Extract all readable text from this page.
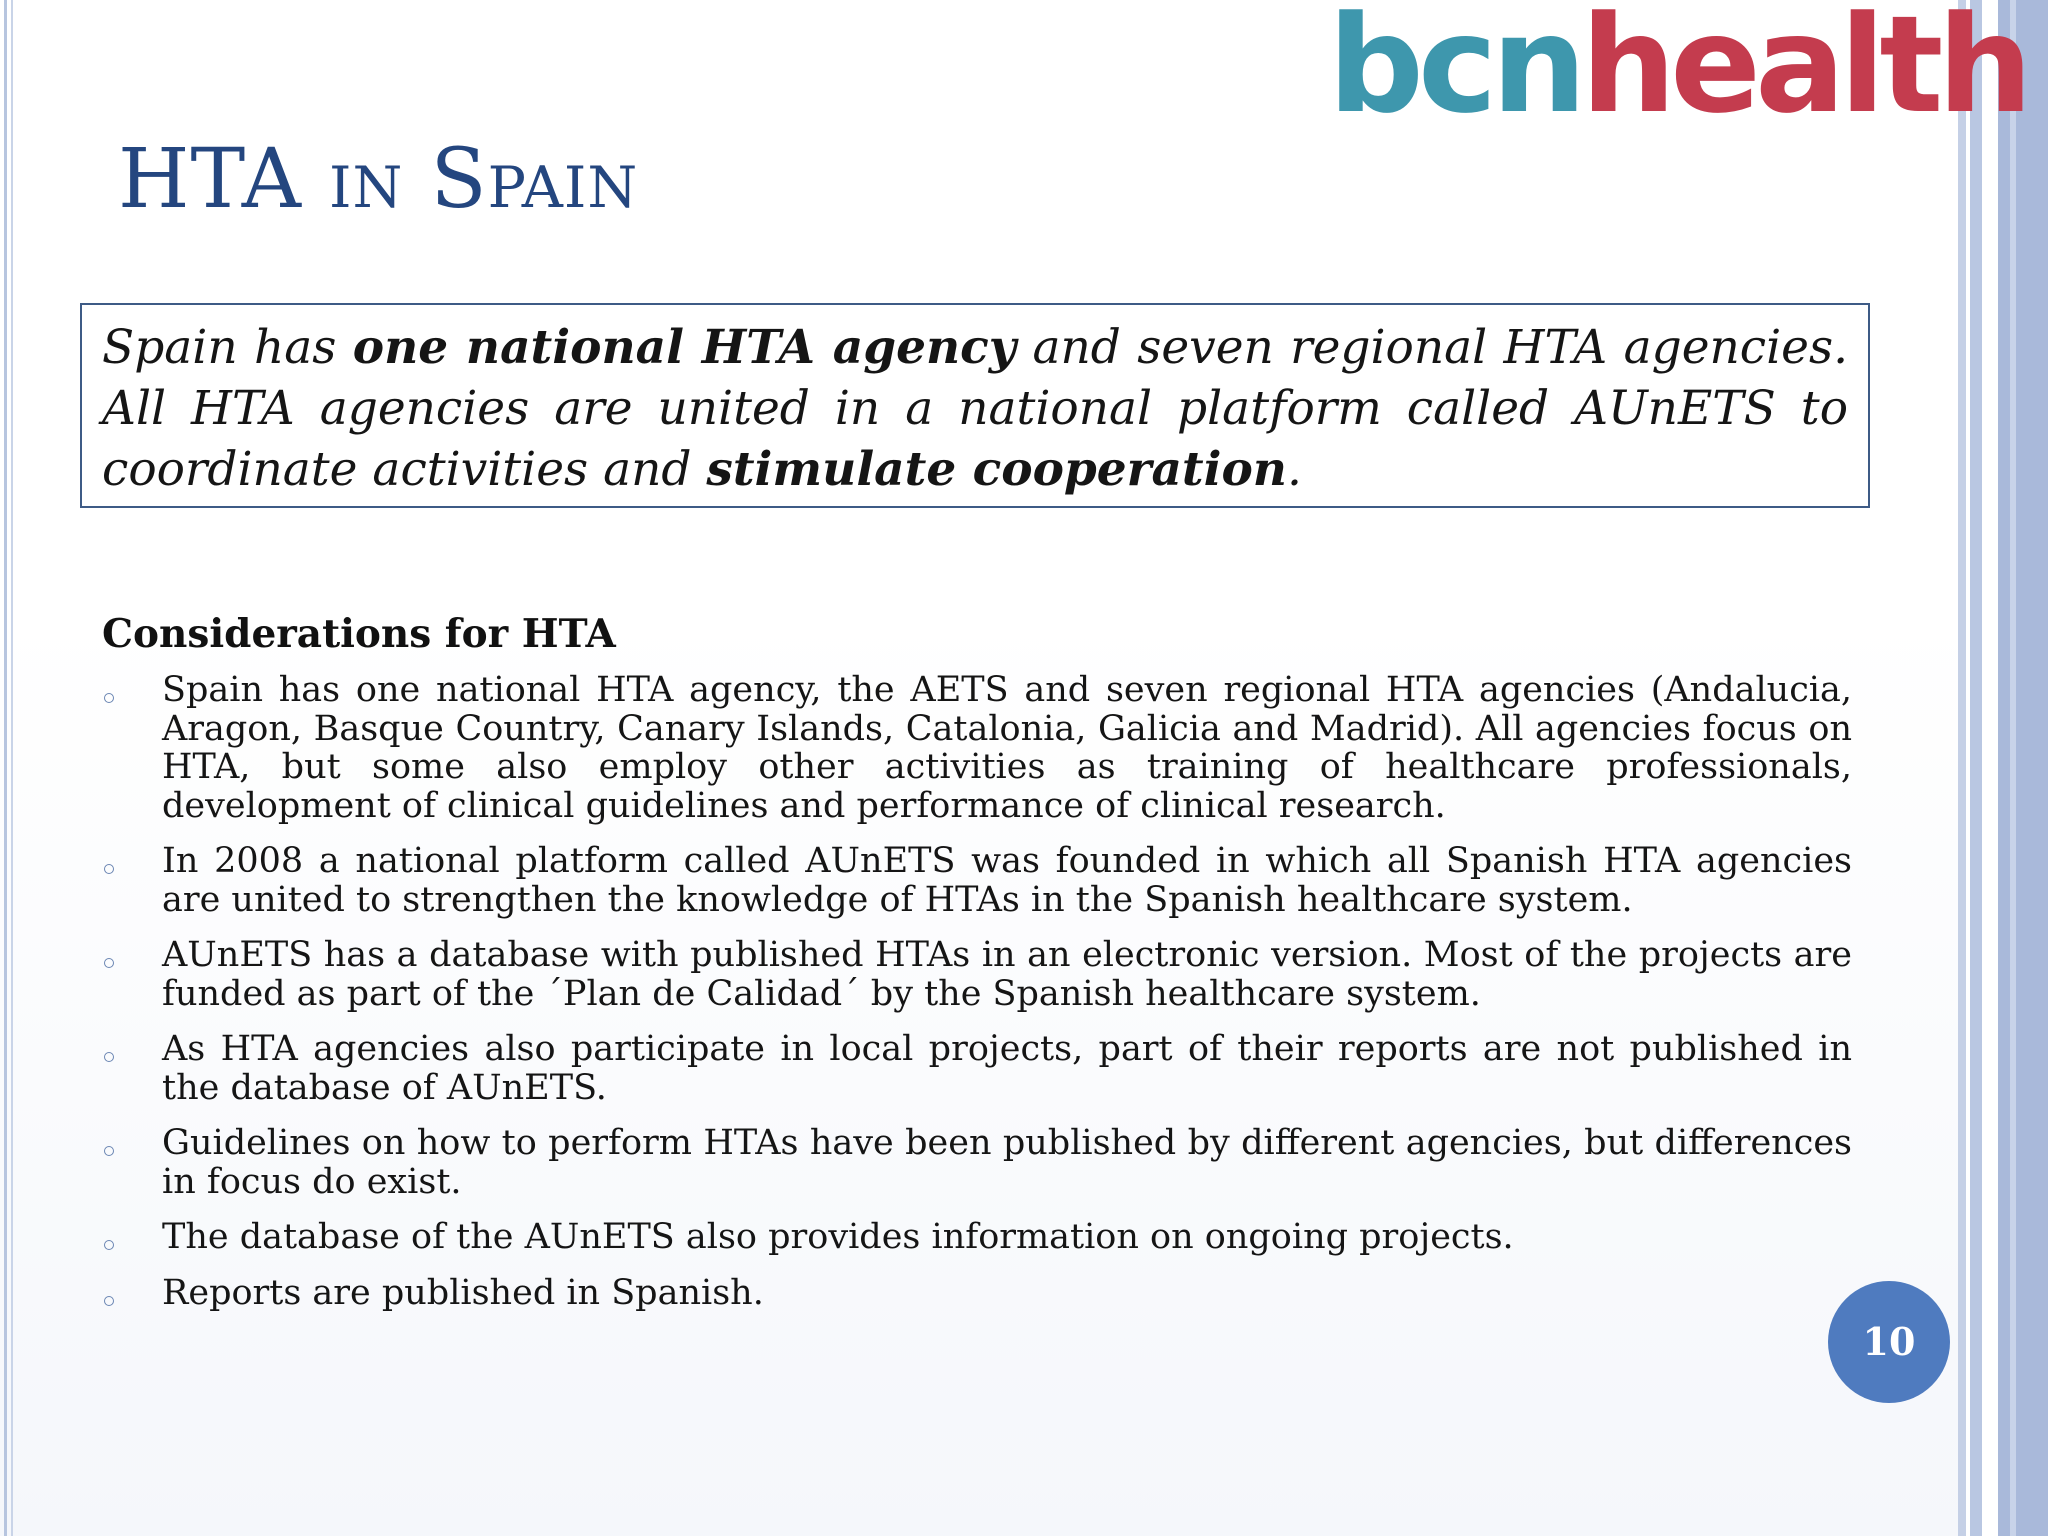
bcnhealth
HTA in Spain

Spain has one national HTA agency and seven regional HTA agencies. All HTA agencies are united in a national platform called AUnETS to coordinate activities and stimulate cooperation.

Considerations for HTA
Spain has one national HTA agency, the AETS and seven regional HTA agencies (Andalucia, Aragon, Basque Country, Canary Islands, Catalonia, Galicia and Madrid). All agencies focus on HTA, but some also employ other activities as training of healthcare professionals, development of clinical guidelines and performance of clinical research.
In 2008 a national platform called AUnETS was founded in which all Spanish HTA agencies are united to strengthen the knowledge of HTAs in the Spanish healthcare system.
AUnETS has a database with published HTAs in an electronic version. Most of the projects are funded as part of the ´Plan de Calidad´ by the Spanish healthcare system.
As HTA agencies also participate in local projects, part of their reports are not published in the database of AUnETS.
Guidelines on how to perform HTAs have been published by different agencies, but differences in focus do exist.
The database of the AUnETS also provides information on ongoing projects.
Reports are published in Spanish.
10
